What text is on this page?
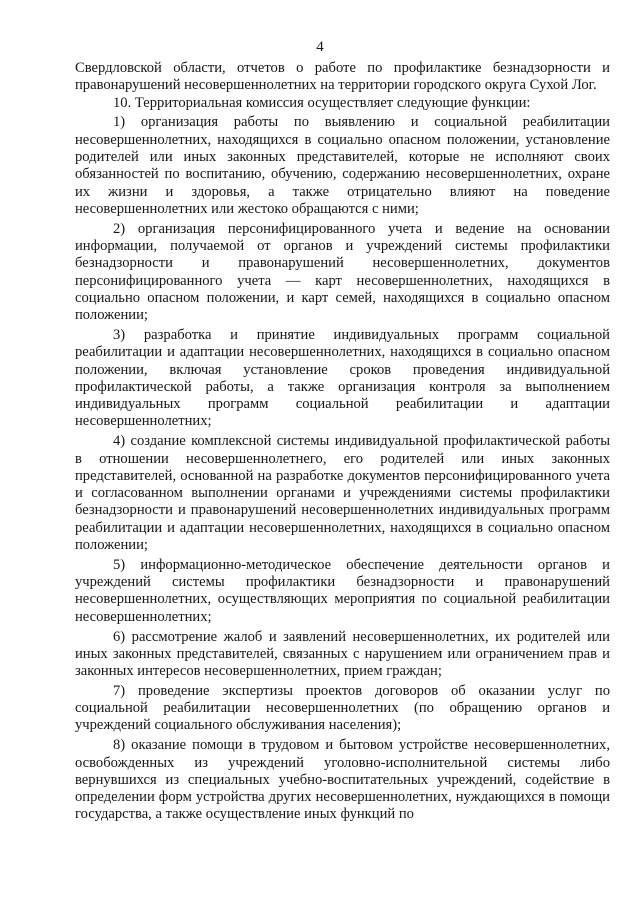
4

Свердловской области, отчетов о работе по профилактике безнадзорности и правонарушений несовершеннолетних на территории городского округа Сухой Лог.

10. Территориальная комиссия осуществляет следующие функции:

1) организация работы по выявлению и социальной реабилитации несовершеннолетних, находящихся в социально опасном положении, установление родителей или иных законных представителей, которые не исполняют своих обязанностей по воспитанию, обучению, содержанию несовершеннолетних, охране их жизни и здоровья, а также отрицательно влияют на поведение несовершеннолетних или жестоко обращаются с ними;

2) организация персонифицированного учета и ведение на основании информации, получаемой от органов и учреждений системы профилактики безнадзорности и правонарушений несовершеннолетних, документов персонифицированного учета — карт несовершеннолетних, находящихся в социально опасном положении, и карт семей, находящихся в социально опасном положении;

3) разработка и принятие индивидуальных программ социальной реабилитации и адаптации несовершеннолетних, находящихся в социально опасном положении, включая установление сроков проведения индивидуальной профилактической работы, а также организация контроля за выполнением индивидуальных программ социальной реабилитации и адаптации несовершеннолетних;

4) создание комплексной системы индивидуальной профилактической работы в отношении несовершеннолетнего, его родителей или иных законных представителей, основанной на разработке документов персонифицированного учета и согласованном выполнении органами и учреждениями системы профилактики безнадзорности и правонарушений несовершеннолетних индивидуальных программ реабилитации и адаптации несовершеннолетних, находящихся в социально опасном положении;

5) информационно-методическое обеспечение деятельности органов и учреждений системы профилактики безнадзорности и правонарушений несовершеннолетних, осуществляющих мероприятия по социальной реабилитации несовершеннолетних;

6) рассмотрение жалоб и заявлений несовершеннолетних, их родителей или иных законных представителей, связанных с нарушением или ограничением прав и законных интересов несовершеннолетних, прием граждан;

7) проведение экспертизы проектов договоров об оказании услуг по социальной реабилитации несовершеннолетних (по обращению органов и учреждений социального обслуживания населения);

8) оказание помощи в трудовом и бытовом устройстве несовершеннолетних, освобожденных из учреждений уголовно-исполнительной системы либо вернувшихся из специальных учебно-воспитательных учреждений, содействие в определении форм устройства других несовершеннолетних, нуждающихся в помощи государства, а также осуществление иных функций по
